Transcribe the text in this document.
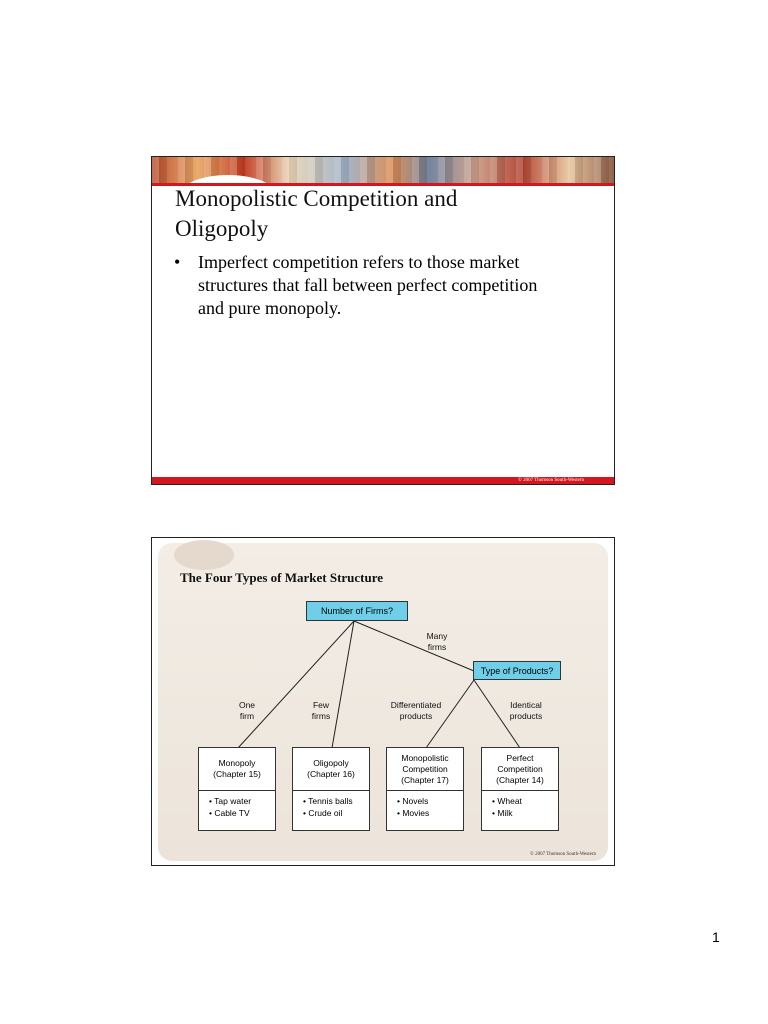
Monopolistic Competition and
Oligopoly
• Imperfect competition refers to those market
structures that fall between perfect competition
and pure monopoly.
© 2007 Thomson South-Western
The Four Types of Market Structure
Number of Firms?
Type of Products?
Many
firms
One
firm
Few
firms
Differentiated
products
Identical
products
Monopoly
(Chapter 15)
• Tap water
• Cable TV
Oligopoly
(Chapter 16)
• Tennis balls
• Crude oil
Monopolistic
Competition
(Chapter 17)
• Novels
• Movies
Perfect
Competition
(Chapter 14)
• Wheat
• Milk
© 2007 Thomson South-Western
1
